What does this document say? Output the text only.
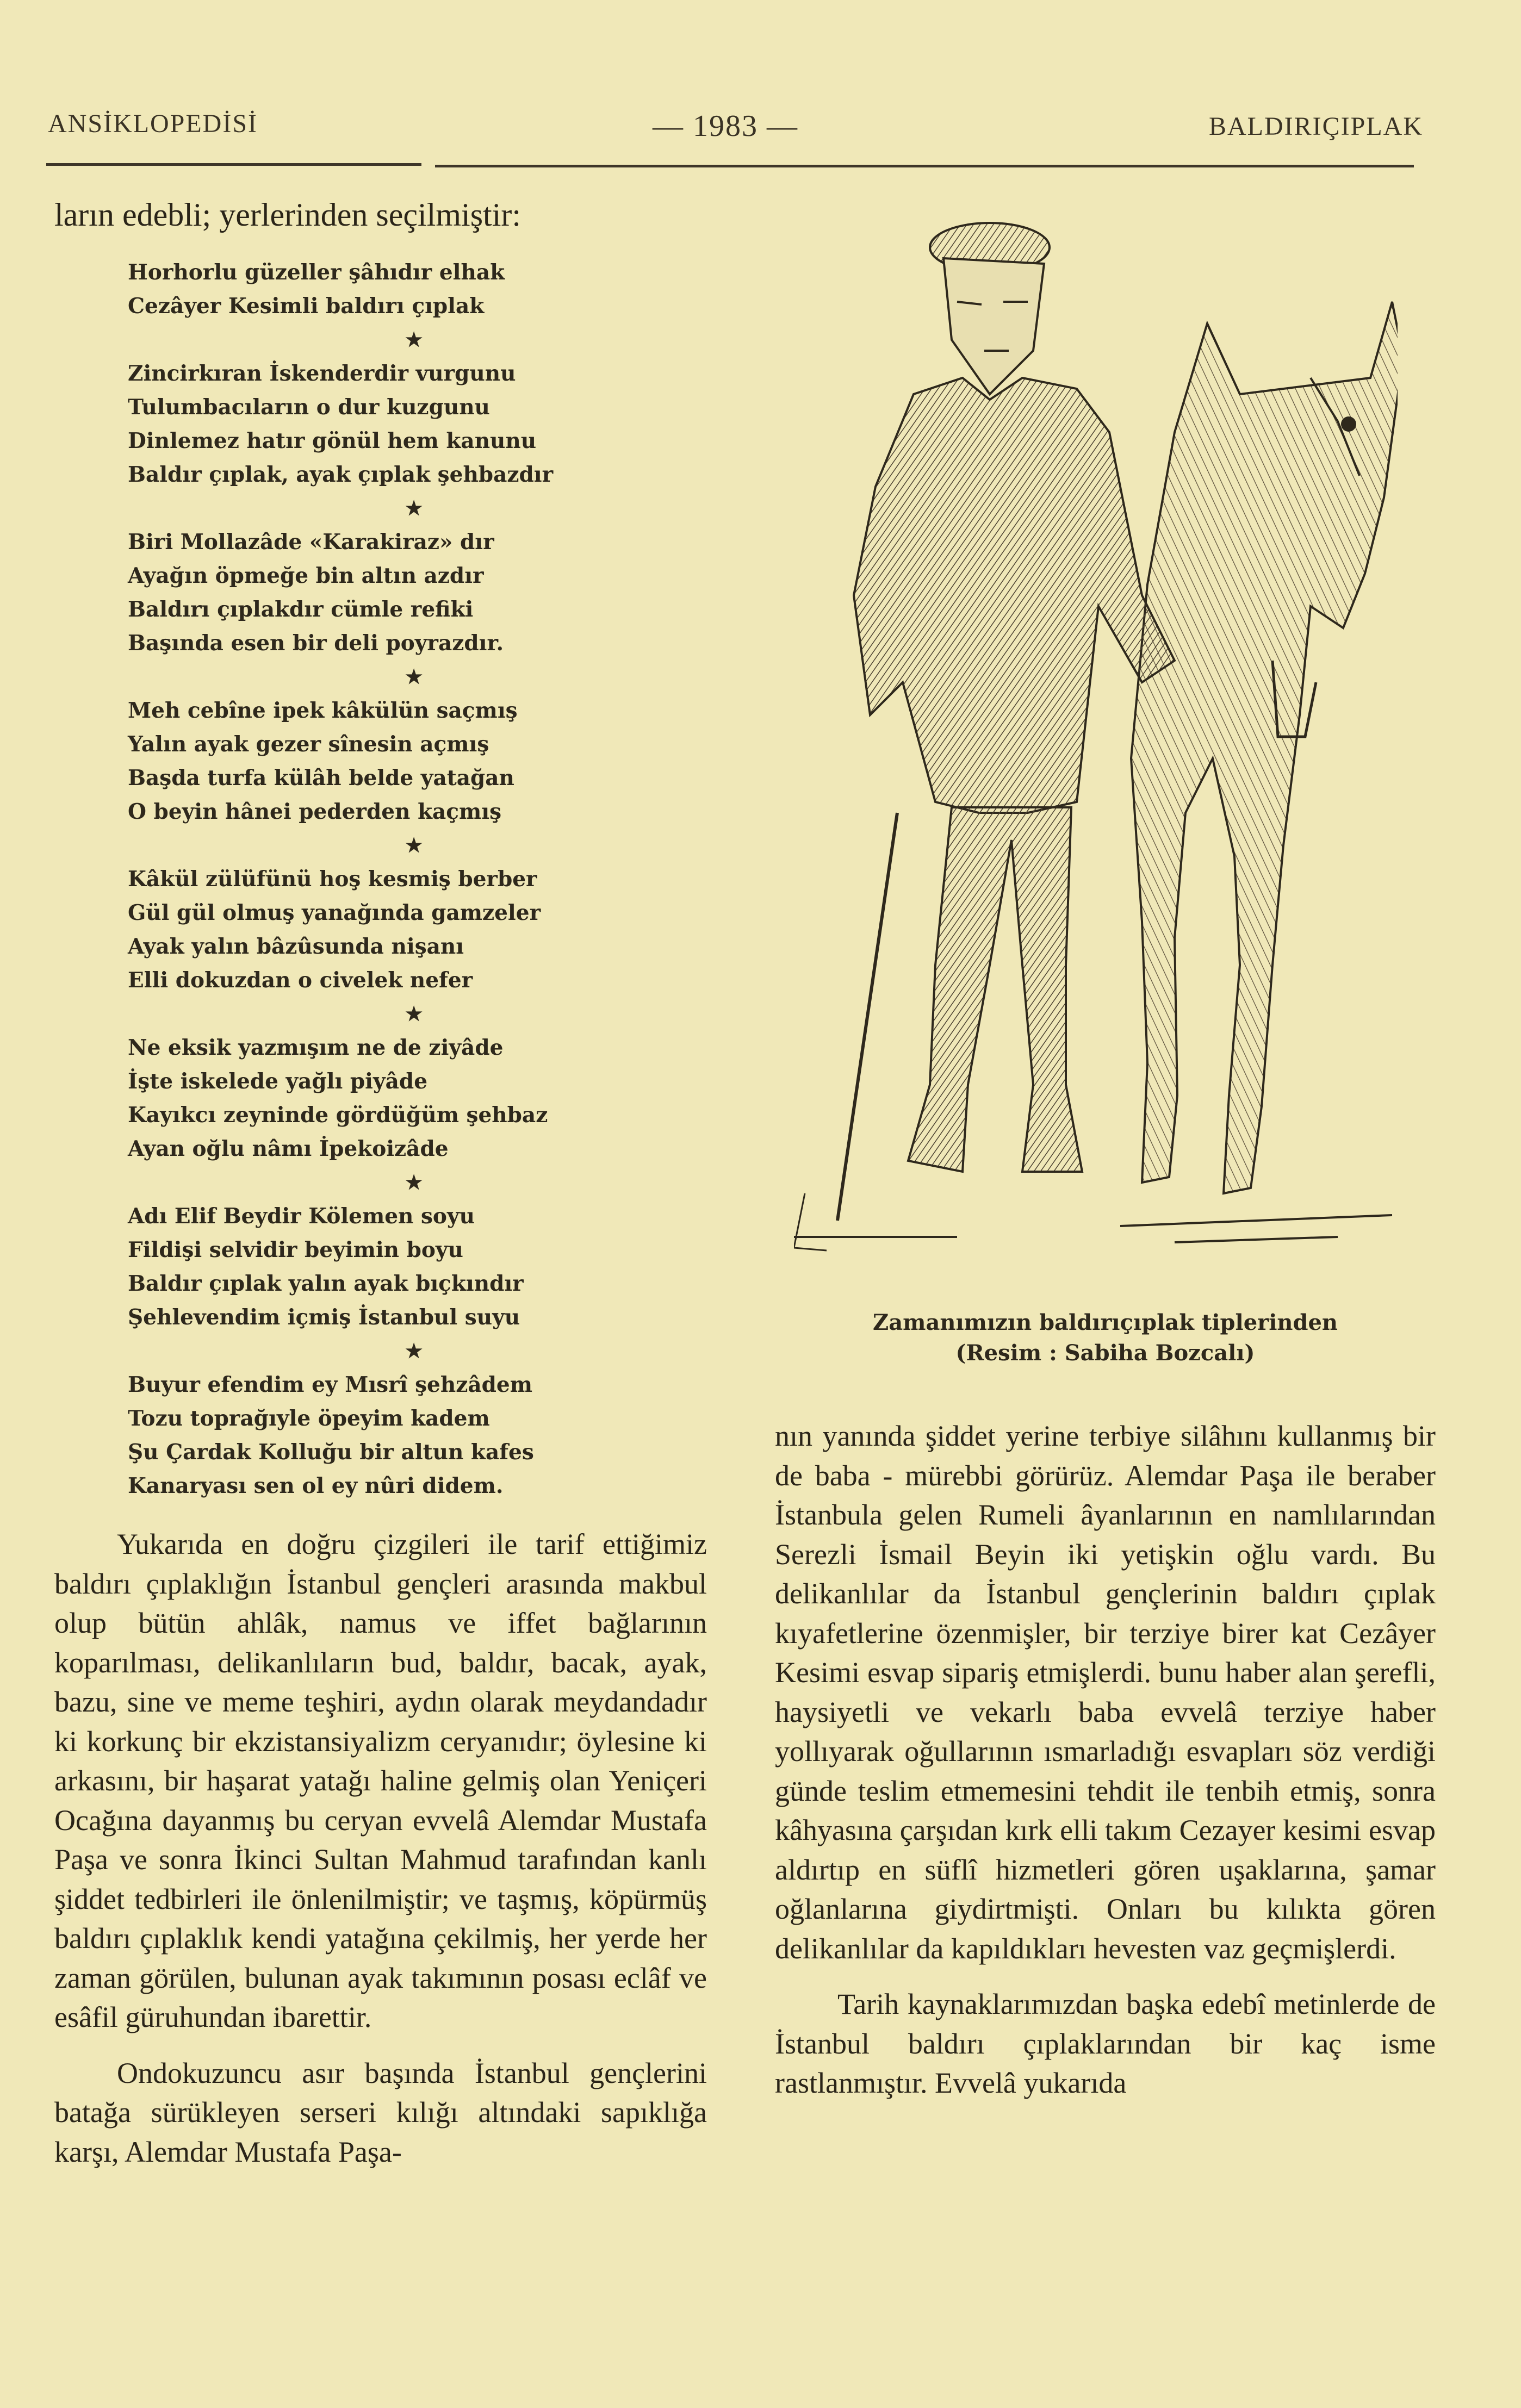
ANSİKLOPEDİSİ	— 1983 —	BALDIRIÇIPLAK

ların edebli; yerlerinden seçilmiştir:

Horhorlu güzeller şâhıdır elhak
Cezâyer Kesimli baldırı çıplak
★
Zincirkıran İskenderdir vurgunu
Tulumbacıların o dur kuzgunu
Dinlemez hatır gönül hem kanunu
Baldır çıplak, ayak çıplak şehbazdır
★
Biri Mollazâde «Karakiraz» dır
Ayağın öpmeğe bin altın azdır
Baldırı çıplakdır cümle refiki
Başında esen bir deli poyrazdır.
★
Meh cebîne ipek kâkülün saçmış
Yalın ayak gezer sînesin açmış
Başda turfa külâh belde yatağan
O beyin hânei pederden kaçmış
★
Kâkül zülüfünü hoş kesmiş berber
Gül gül olmuş yanağında gamzeler
Ayak yalın bâzûsunda nişanı
Elli dokuzdan o civelek nefer
★
Ne eksik yazmışım ne de ziyâde
İşte iskelede yağlı piyâde
Kayıkcı zeyninde gördüğüm şehbaz
Ayan oğlu nâmı İpekoizâde
★
Adı Elif Beydir Kölemen soyu
Fildişi selvidir beyimin boyu
Baldır çıplak yalın ayak bıçkındır
Şehlevendim içmiş İstanbul suyu
★
Buyur efendim ey Mısrî şehzâdem
Tozu toprağıyle öpeyim kadem
Şu Çardak Kolluğu bir altun kafes
Kanaryası sen ol ey nûri didem.

Yukarıda en doğru çizgileri ile tarif ettiğimiz baldırı çıplaklığın İstanbul gençleri arasında makbul olup bütün ahlâk, namus ve iffet bağlarının koparılması, delikanlıların bud, baldır, bacak, ayak, bazu, sine ve meme teşhiri, aydın olarak meydandadır ki korkunç bir ekzistansiyalizm ceryanıdır; öylesine ki arkasını, bir haşarat yatağı haline gelmiş olan Yeniçeri Ocağına dayanmış bu ceryan evvelâ Alemdar Mustafa Paşa ve sonra İkinci Sultan Mahmud tarafından kanlı şiddet tedbirleri ile önlenilmiştir; ve taşmış, köpürmüş baldırı çıplaklık kendi yatağına çekilmiş, her yerde her zaman görülen, bulunan ayak takımının posası eclâf ve esâfil güruhundan ibarettir.

Ondokuzuncu asır başında İstanbul gençlerini batağa sürükleyen serseri kılığı altındaki sapıklığa karşı, Alemdar Mustafa Paşa-

Zamanımızın baldırıçıplak tiplerinden
(Resim : Sabiha Bozcalı)

nın yanında şiddet yerine terbiye silâhını kullanmış bir de baba - mürebbi görürüz. Alemdar Paşa ile beraber İstanbula gelen Rumeli âyanlarının en namlılarından Serezli İsmail Beyin iki yetişkin oğlu vardı. Bu delikanlılar da İstanbul gençlerinin baldırı çıplak kıyafetlerine özenmişler, bir terziye birer kat Cezâyer Kesimi esvap sipariş etmişlerdi. bunu haber alan şerefli, haysiyetli ve vekarlı baba evvelâ terziye haber yollıyarak oğullarının ısmarladığı esvapları söz verdiği günde teslim etmemesini tehdit ile tenbih etmiş, sonra kâhyasına çarşıdan kırk elli takım Cezayer kesimi esvap aldırtıp en süflî hizmetleri gören uşaklarına, şamar oğlanlarına giydirtmişti. Onları bu kılıkta gören delikanlılar da kapıldıkları hevesten vaz geçmişlerdi.

Tarih kaynaklarımızdan başka edebî metinlerde de İstanbul baldırı çıplaklarından bir kaç isme rastlanmıştır. Evvelâ yukarıda
